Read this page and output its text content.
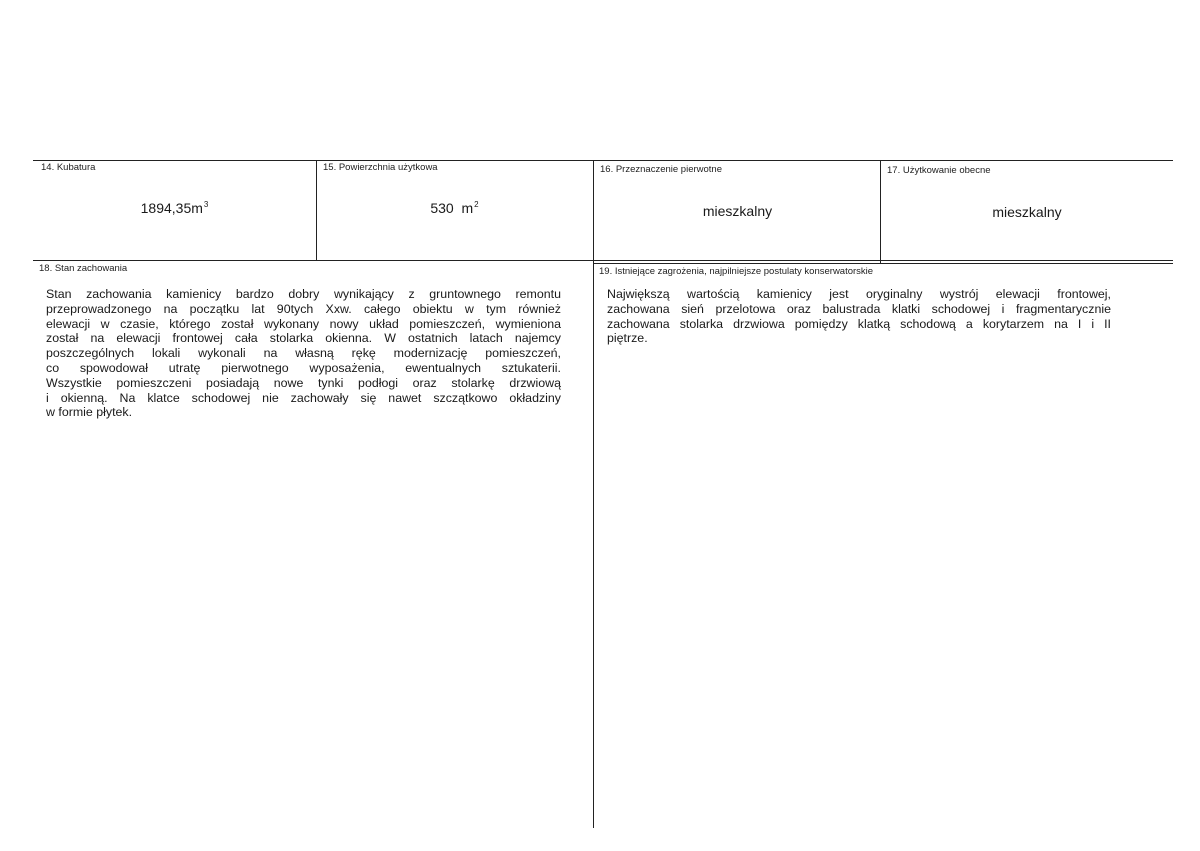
14. Kubatura
$1894,35m^3$
15. Powierzchnia użytkowa
530 $m^2$
16. Przeznaczenie pierwotne
mieszkalny
17. Użytkowanie obecne
mieszkalny
18. Stan zachowania
Stan zachowania kamienicy bardzo dobry wynikający z gruntownego remontu
przeprowadzonego na początku lat 90tych Xxw. całego obiektu w tym również
elewacji w czasie, którego został wykonany nowy układ pomieszczeń, wymieniona
został na elewacji frontowej cała stolarka okienna. W ostatnich latach najemcy
poszczególnych lokali wykonali na własną rękę modernizację pomieszczeń,
co spowodował utratę pierwotnego wyposażenia, ewentualnych sztukaterii.
Wszystkie pomieszczeni posiadają nowe tynki podłogi oraz stolarkę drzwiową
i okienną. Na klatce schodowej nie zachowały się nawet szczątkowo okładziny
w formie płytek.
19. Istniejące zagrożenia, najpilniejsze postulaty konserwatorskie
Największą wartością kamienicy jest oryginalny wystrój elewacji frontowej,
zachowana sień przelotowa oraz balustrada klatki schodowej i fragmentarycznie
zachowana stolarka drzwiowa pomiędzy klatką schodową a korytarzem na I i II
piętrze.
